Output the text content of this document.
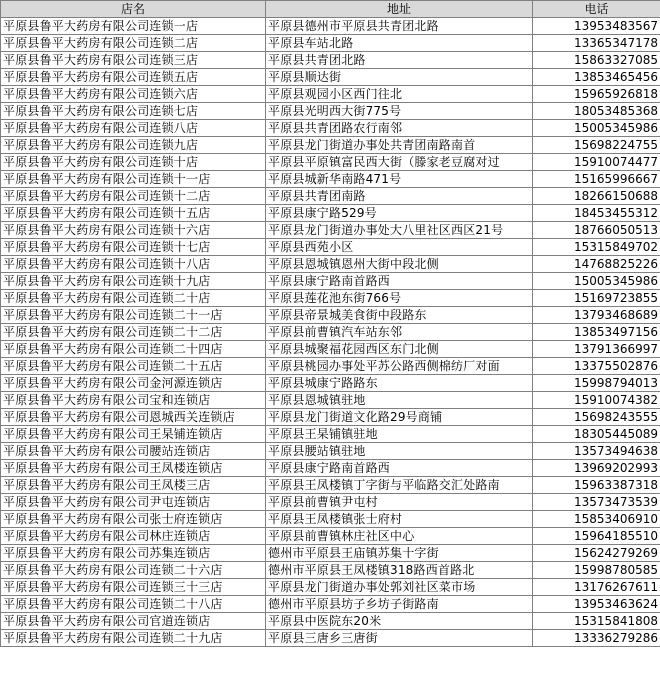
店名	地址	电话
平原县鲁平大药房有限公司连锁一店	平原县德州市平原县共青团北路	13953483567
平原县鲁平大药房有限公司连锁二店	平原县车站北路	13365347178
平原县鲁平大药房有限公司连锁三店	平原县共青团北路	15863327085
平原县鲁平大药房有限公司连锁五店	平原县顺达街	13853465456
平原县鲁平大药房有限公司连锁六店	平原县观园小区西门往北	15965926818
平原县鲁平大药房有限公司连锁七店	平原县光明西大街775号	18053485368
平原县鲁平大药房有限公司连锁八店	平原县共青团路农行南邻	15005345986
平原县鲁平大药房有限公司连锁九店	平原县龙门街道办事处共青团南路南首	15698224755
平原县鲁平大药房有限公司连锁十店	平原县平原镇富民西大街（滕家老豆腐对过	15910074477
平原县鲁平大药房有限公司连锁十一店	平原县城新华南路471号	15165996667
平原县鲁平大药房有限公司连锁十二店	平原县共青团南路	18266150688
平原县鲁平大药房有限公司连锁十五店	平原县康宁路529号	18453455312
平原县鲁平大药房有限公司连锁十六店	平原县龙门街道办事处大八里社区西区21号	18766050513
平原县鲁平大药房有限公司连锁十七店	平原县西苑小区	15315849702
平原县鲁平大药房有限公司连锁十八店	平原县恩城镇恩州大街中段北侧	14768825226
平原县鲁平大药房有限公司连锁十九店	平原县康宁路南首路西	15005345986
平原县鲁平大药房有限公司连锁二十店	平原县莲花池东街766号	15169723855
平原县鲁平大药房有限公司连锁二十一店	平原县帝景城美食街中段路东	13793468689
平原县鲁平大药房有限公司连锁二十二店	平原县前曹镇汽车站东邻	13853497156
平原县鲁平大药房有限公司连锁二十四店	平原县城聚福花园西区东门北侧	13791366997
平原县鲁平大药房有限公司连锁二十五店	平原县桃园办事处平苏公路西侧棉纺厂对面	13375502876
平原县鲁平大药房有限公司金河源连锁店	平原县城康宁路路东	15998794013
平原县鲁平大药房有限公司宝和连锁店	平原县恩城镇驻地	15910074382
平原县鲁平大药房有限公司恩城西关连锁店	平原县龙门街道文化路29号商铺	15698243555
平原县鲁平大药房有限公司王杲铺连锁店	平原县王杲铺镇驻地	18305445089
平原县鲁平大药房有限公司腰站连锁店	平原县腰站镇驻地	13573494638
平原县鲁平大药房有限公司王凤楼连锁店	平原县康宁路南首路西	13969202993
平原县鲁平大药房有限公司王凤楼三店	平原县王凤楼镇丁字街与平临路交汇处路南	15963387318
平原县鲁平大药房有限公司尹屯连锁店	平原县前曹镇尹屯村	13573473539
平原县鲁平大药房有限公司张士府连锁店	平原县王凤楼镇张士府村	15853406910
平原县鲁平大药房有限公司林庄连锁店	平原县前曹镇林庄社区中心	15964185510
平原县鲁平大药房有限公司苏集连锁店	德州市平原县王庙镇苏集十字街	15624279269
平原县鲁平大药房有限公司连锁二十六店	德州市平原县王凤楼镇318路西首路北	15998780585
平原县鲁平大药房有限公司连锁三十三店	平原县龙门街道办事处郭刘社区菜市场	13176267611
平原县鲁平大药房有限公司连锁二十八店	德州市平原县坊子乡坊子街路南	13953463624
平原县鲁平大药房有限公司官道连锁店	平原县中医院东20米	15315841808
平原县鲁平大药房有限公司连锁二十九店	平原县三唐乡三唐街	13336279286
